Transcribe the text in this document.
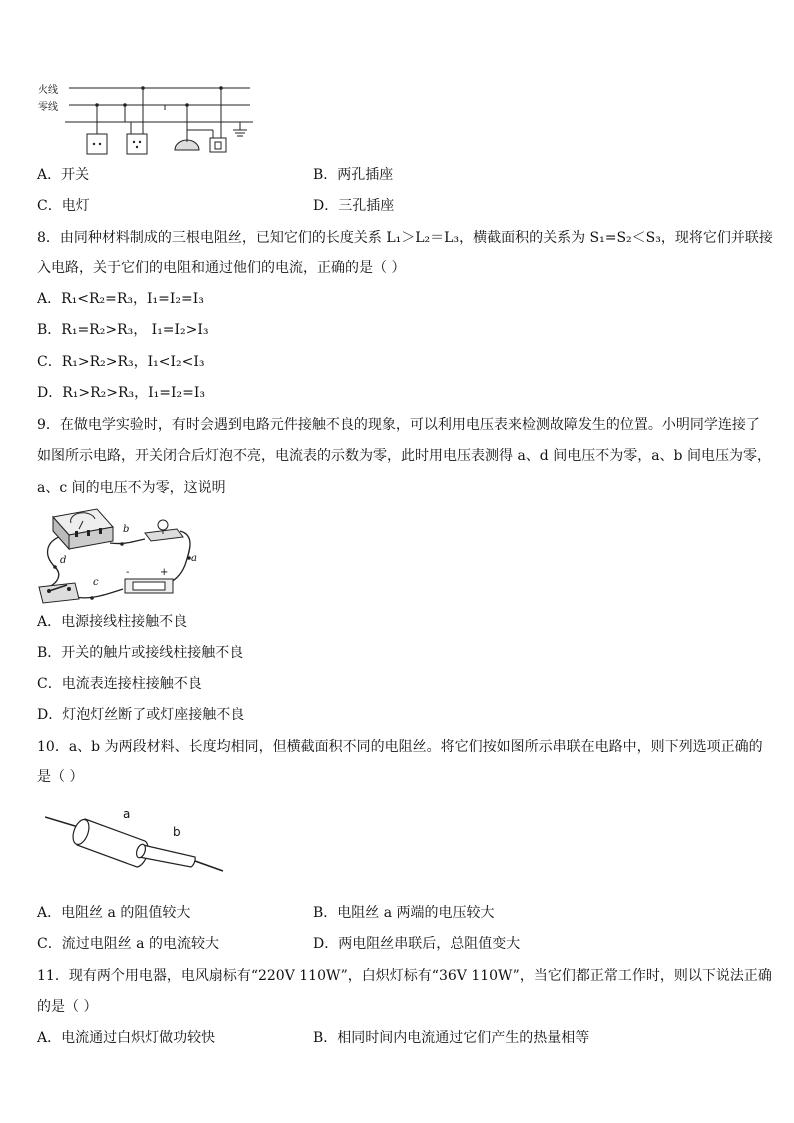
火线
零线
A．开关	B．两孔插座
C．电灯	D．三孔插座
8．由同种材料制成的三根电阻丝，已知它们的长度关系 L₁＞L₂＝L₃，横截面积的关系为 S₁=S₂＜S₃，现将它们并联接
入电路，关于它们的电阻和通过他们的电流，正确的是（ ）
A．R₁<R₂=R₃，I₁=I₂=I₃
B．R₁=R₂>R₃， I₁=I₂>I₃
C．R₁>R₂>R₃，I₁<I₂<I₃
D．R₁>R₂>R₃，I₁=I₂=I₃
9．在做电学实验时，有时会遇到电路元件接触不良的现象，可以利用电压表来检测故障发生的位置。小明同学连接了
如图所示电路，开关闭合后灯泡不亮，电流表的示数为零，此时用电压表测得 a、d 间电压不为零，a、b 间电压为零，
a、c 间的电压不为零，这说明
b
a
d
c
-	+
A．电源接线柱接触不良
B．开关的触片或接线柱接触不良
C．电流表连接柱接触不良
D．灯泡灯丝断了或灯座接触不良
10．a、b 为两段材料、长度均相同，但横截面积不同的电阻丝。将它们按如图所示串联在电路中，则下列选项正确的
是（ ）
a
b
A．电阻丝 a 的阻值较大	B．电阻丝 a 两端的电压较大
C．流过电阻丝 a 的电流较大	D．两电阻丝串联后，总阻值变大
11．现有两个用电器，电风扇标有“220V 110W”，白炽灯标有“36V 110W”，当它们都正常工作时，则以下说法正确
的是（ ）
A．电流通过白炽灯做功较快	B．相同时间内电流通过它们产生的热量相等
